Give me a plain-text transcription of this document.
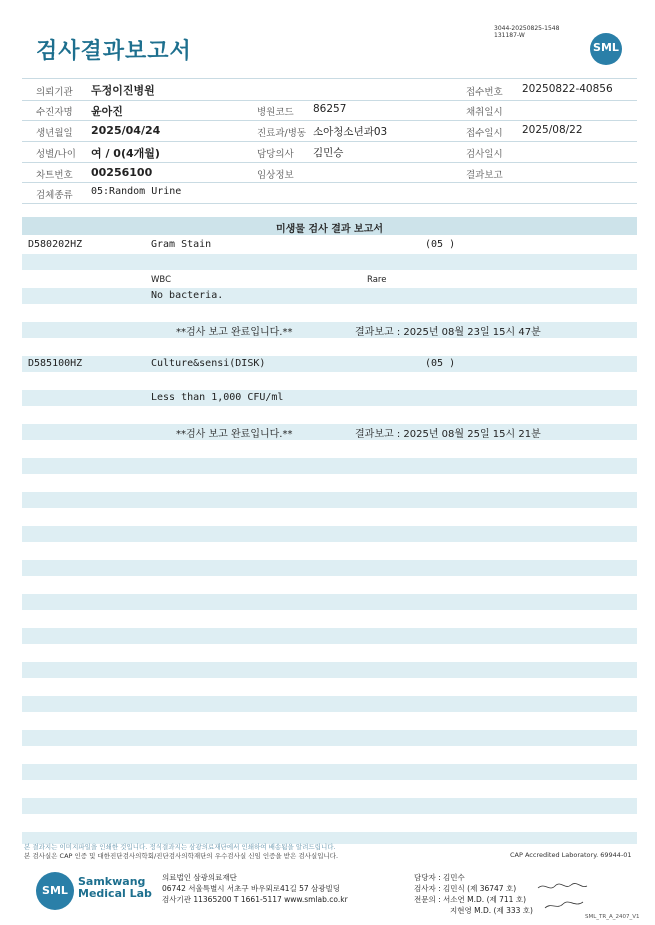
검사결과보고서
3044-20250825-1548
131187-W
SML
의뢰기관 두정이진병원	접수번호 20250822-40856
수진자명 윤아진	병원코드 86257	채취일시
생년월일 2025/04/24	진료과/병동 소아청소년과03	접수일시 2025/08/22
성별/나이 여 / 0(4개월)	담당의사 김민승	검사일시
차트번호 00256100	임상정보	결과보고
검체종류 05:Random Urine
미생물 검사 결과 보고서
D580202HZ	Gram Stain	(05 )
WBC	Rare
No bacteria.
**검사 보고 완료입니다.**	결과보고 : 2025년 08월 23일 15시 47분
D585100HZ	Culture&sensi(DISK)	(05 )
Less than 1,000 CFU/ml
**검사 보고 완료입니다.**	결과보고 : 2025년 08월 25일 15시 21분
본 결과지는 이미지파일을 인쇄한 것입니다. 정식결과지는 삼광의료재단에서 인쇄하여 배송됨을 알려드립니다.
본 검사실은 CAP 인증 및 대한진단검사의학회/진단검사의학재단의 우수검사실 신임 인증을 받은 검사실입니다.	CAP Accredited Laboratory. 69944-01
SML
Samkwang
Medical Lab
의료법인 삼광의료재단
06742 서울특별시 서초구 바우뫼로41길 57 삼광빌딩
검사기관 11365200 T 1661-5117 www.smlab.co.kr
담당자 : 김민수
검사자 : 김민식 (제 36747 호)
전문의 : 서소연 M.D. (제 711 호)
지현영 M.D. (제 333 호)
SML_TR_A_2407_V1
